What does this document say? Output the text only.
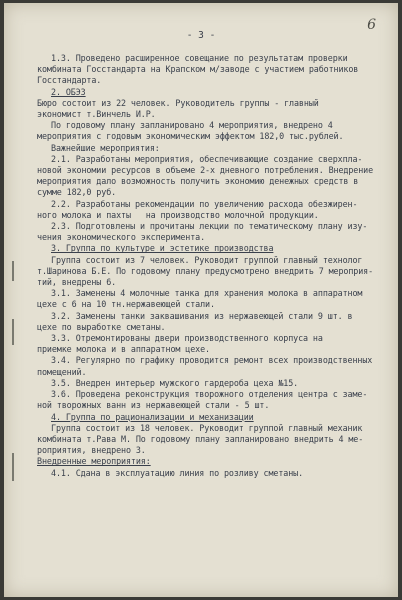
- 3 -
6
1.3. Проведено расширенное совещание по результатам проверки
комбината Госстандарта на Крапском м/заводе с участием работников
Госстандарта.
2. ОБЭЗ
Бюро состоит из 22 человек. Руководитель группы - главный
экономист т.Винчель И.Р.
По годовому плану запланировано 4 мероприятия, внедрено 4
мероприятия с годовым экономическим эффектом 182,0 тыс.рублей.
Важнейшие мероприятия:
2.1. Разработаны мероприятия, обеспечивающие создание сверхпла-
новой экономии ресурсов в объеме 2-х дневного потребления. Внедрение
мероприятия дало возможность получить экономию денежных средств в
сумме 182,0 руб.
2.2. Разработаны рекомендации по увеличению расхода обезжирен-
ного молока и пахты   на производство молочной продукции.
2.3. Подготовлены и прочитаны лекции по тематическому плану изу-
чения экономического эксперимента.
3. Группа по культуре и эстетике производства
Группа состоит из 7 человек. Руководит группой главный технолог
т.Шаринова Б.Е. По годовому плану предусмотрено внедрить 7 мероприя-
тий, внедрены 6.
3.1. Заменены 4 молочные танка для хранения молока в аппаратном
цехе с 6 на 10 тн.нержавеющей стали.
3.2. Заменены танки заквашивания из нержавеющей стали 9 шт. в
цехе по выработке сметаны.
3.3. Отремонтированы двери производственного корпуса на
приемке молока и в аппаратном цехе.
3.4. Регулярно по графику проводится ремонт всех производственных
помещений.
3.5. Внедрен интерьер мужского гардероба цеха №15.
3.6. Проведена реконструкция творожного отделения центра с заме-
ной творожных ванн из нержавеющей стали - 5 шт.
4. Группа по рационализации и механизации
Группа состоит из 18 человек. Руководит группой главный механик
комбината т.Рава М. По годовому плану запланировано внедрить 4 ме-
роприятия, внедрено 3.
Внедренные мероприятия:
4.1. Сдана в эксплуатацию линия по розливу сметаны.
